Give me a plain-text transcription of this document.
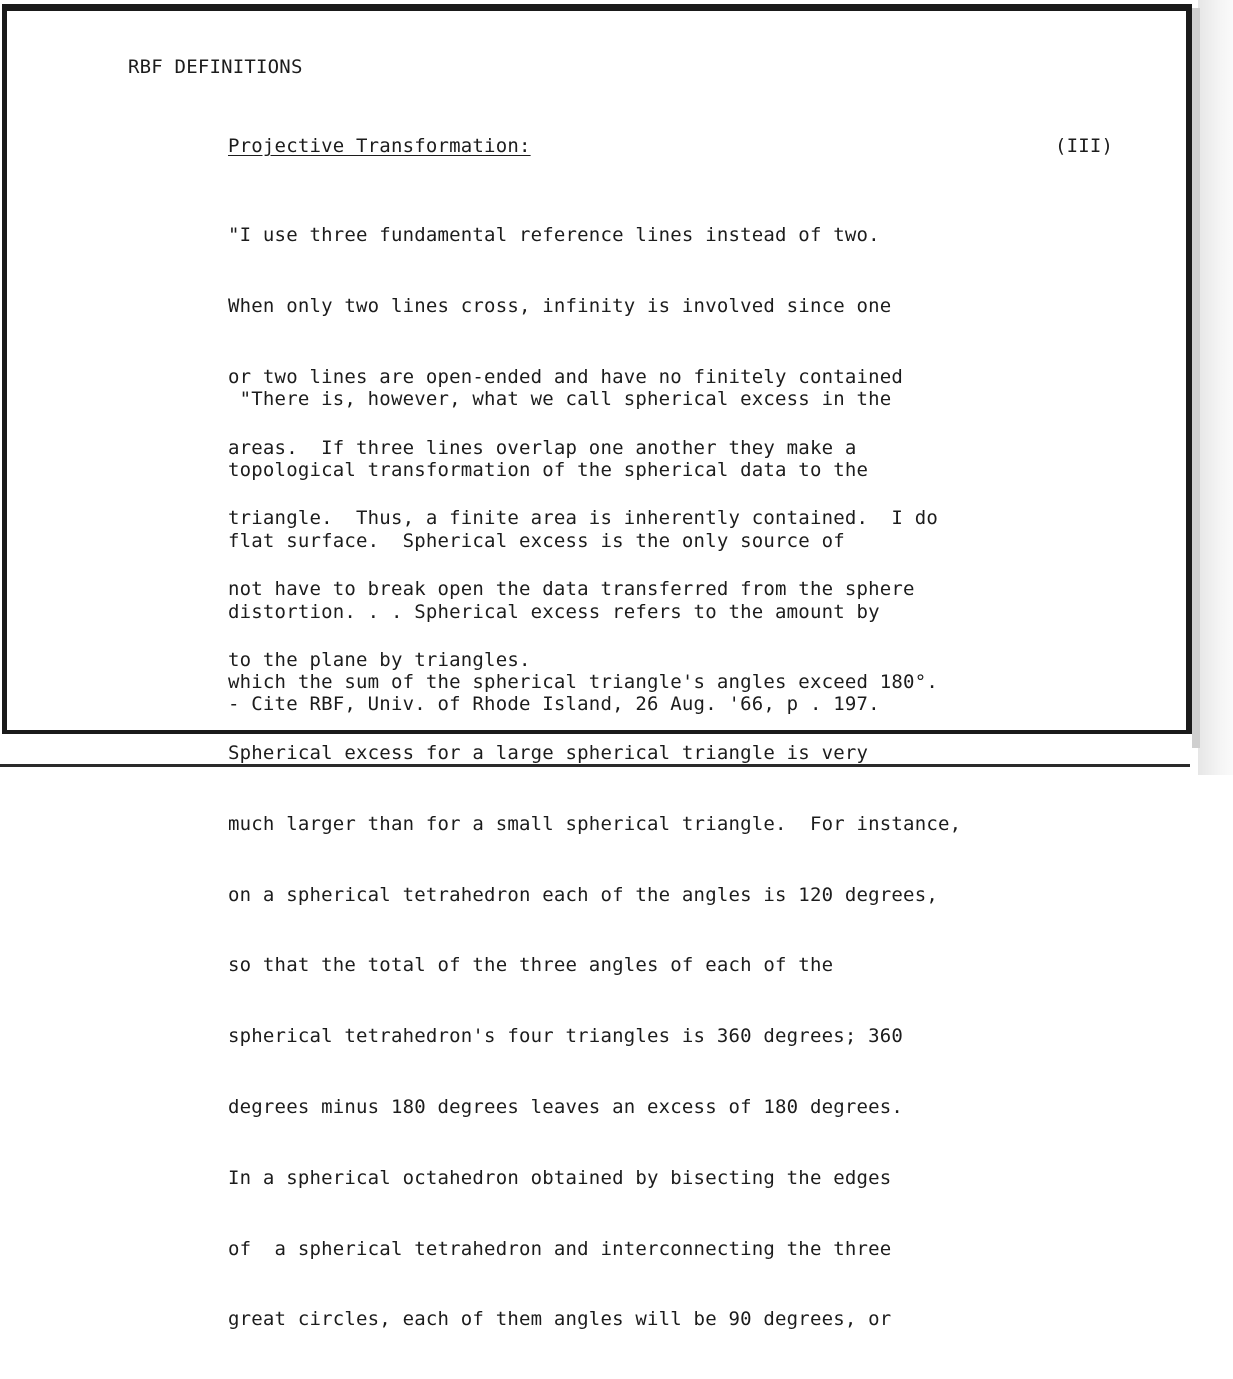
RBF DEFINITIONS
Projective Transformation:	(III)

"I use three fundamental reference lines instead of two.

When only two lines cross, infinity is involved since one

or two lines are open-ended and have no finitely contained

areas.  If three lines overlap one another they make a

triangle.  Thus, a finite area is inherently contained.  I do

not have to break open the data transferred from the sphere

to the plane by triangles.

"There is, however, what we call spherical excess in the

topological transformation of the spherical data to the

flat surface.  Spherical excess is the only source of

distortion. . . Spherical excess refers to the amount by

which the sum of the spherical triangle's angles exceed 180°.

Spherical excess for a large spherical triangle is very

much larger than for a small spherical triangle.  For instance,

on a spherical tetrahedron each of the angles is 120 degrees,

so that the total of the three angles of each of the

spherical tetrahedron's four triangles is 360 degrees; 360

degrees minus 180 degrees leaves an excess of 180 degrees.

In a spherical octahedron obtained by bisecting the edges

of  a spherical tetrahedron and interconnecting the three

great circles, each of them angles will be 90 degrees, or

- Cite RBF, Univ. of Rhode Island, 26 Aug. '66, p . 197.
